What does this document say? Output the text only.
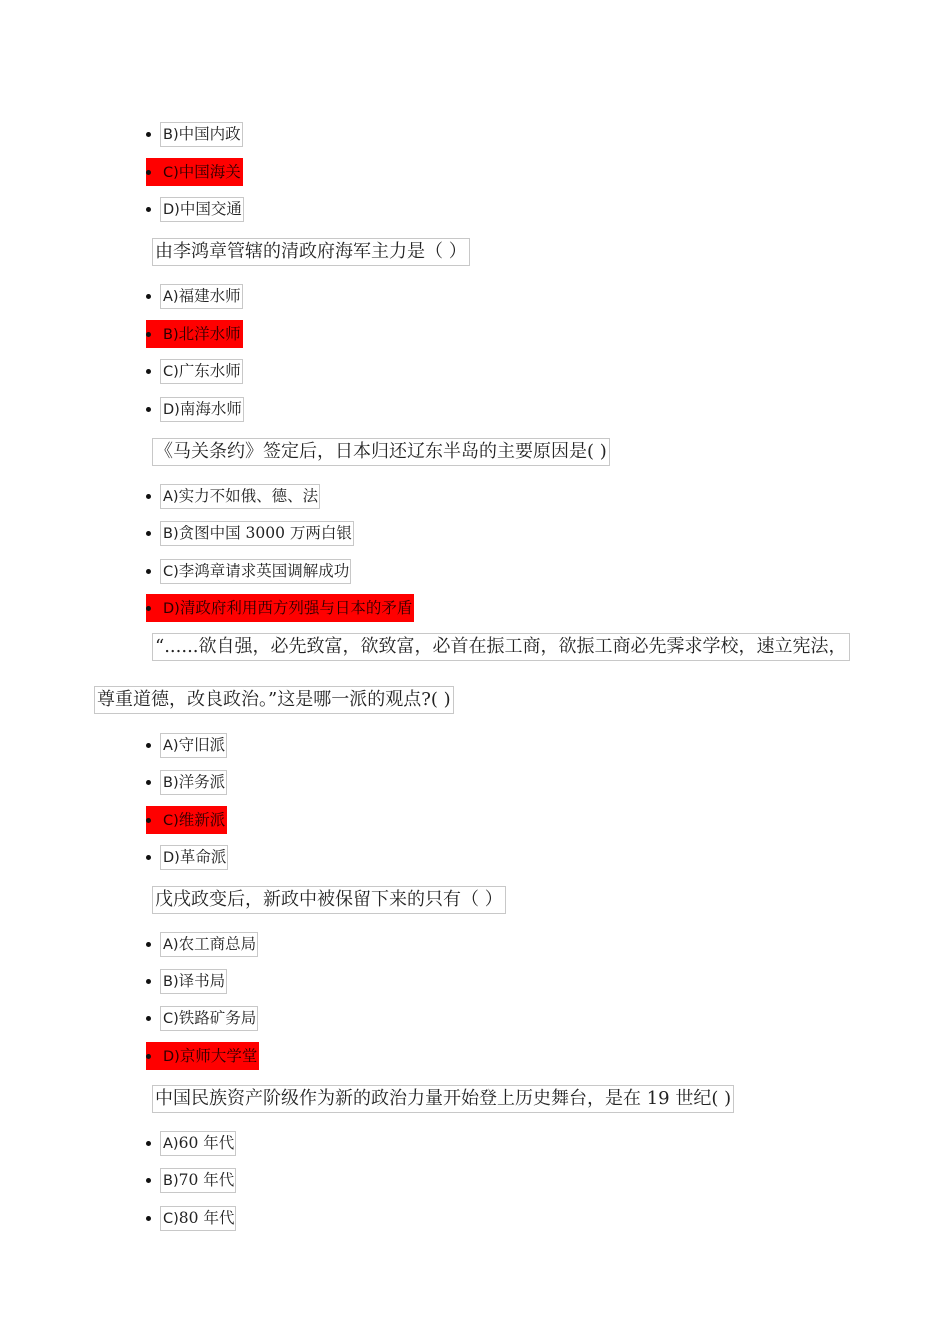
B)中国内政
C)中国海关
D)中国交通
由李鸿章管辖的清政府海军主力是（ ）
A)福建水师
B)北洋水师
C)广东水师
D)南海水师
《马关条约》签定后，日本归还辽东半岛的主要原因是( )
A)实力不如俄、德、法
B)贪图中国 3000 万两白银
C)李鸿章请求英国调解成功
D)清政府利用西方列强与日本的矛盾
“......欲自强，必先致富，欲致富，必首在振工商，欲振工商必先霁求学校，速立宪法，
尊重道德，改良政治。”这是哪一派的观点?( )
A)守旧派
B)洋务派
C)维新派
D)革命派
戊戌政变后，新政中被保留下来的只有（ ）
A)农工商总局
B)译书局
C)铁路矿务局
D)京师大学堂
中国民族资产阶级作为新的政治力量开始登上历史舞台，是在 19 世纪( )
A)60 年代
B)70 年代
C)80 年代
